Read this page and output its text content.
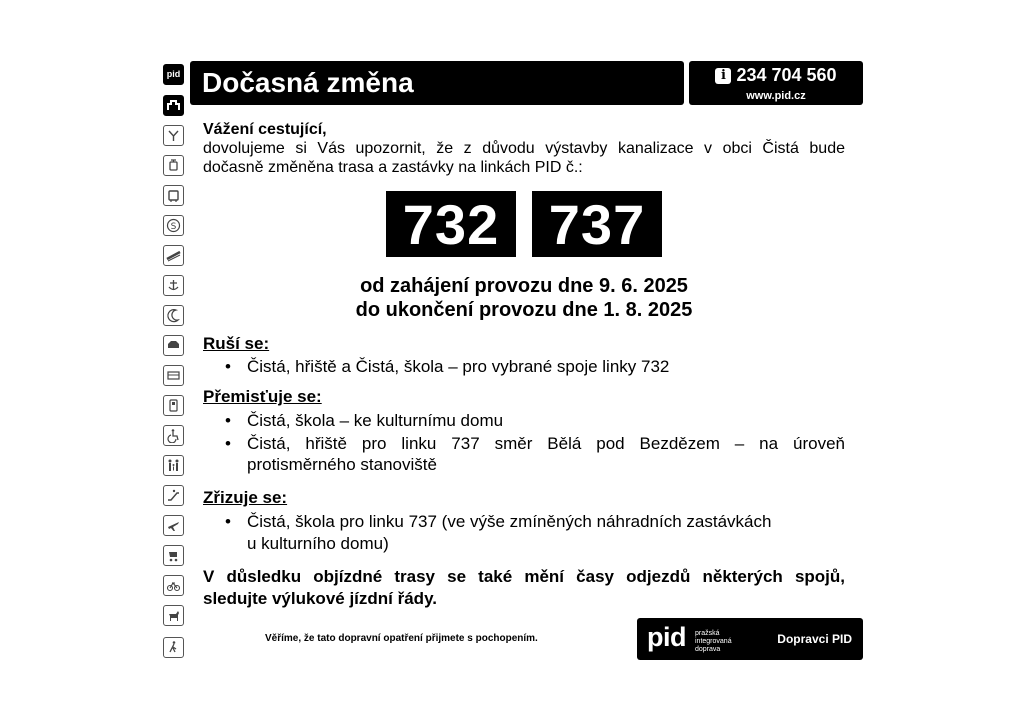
pid
S
Dočasná změna	i 234 704 560
www.pid.cz
Vážení cestující,
dovolujeme si Vás upozornit, že z důvodu výstavby kanalizace v obci Čistá bude
dočasně změněna trasa a zastávky na linkách PID č.:
732 737
od zahájení provozu dne 9. 6. 2025
do ukončení provozu dne 1. 8. 2025
Ruší se:
• Čistá, hřiště a Čistá, škola – pro vybrané spoje linky 732
Přemisťuje se:
• Čistá, škola – ke kulturnímu domu
• Čistá, hřiště pro linku 737 směr Bělá pod Bezdězem – na úroveň
protisměrného stanoviště
Zřizuje se:
• Čistá, škola pro linku 737 (ve výše zmíněných náhradních zastávkách
u kulturního domu)
V důsledku objízdné trasy se také mění časy odjezdů některých spojů,
sledujte výlukové jízdní řády.
Věříme, že tato dopravní opatření přijmete s pochopením.	pid pražská integrovaná doprava
Dopravci PID
